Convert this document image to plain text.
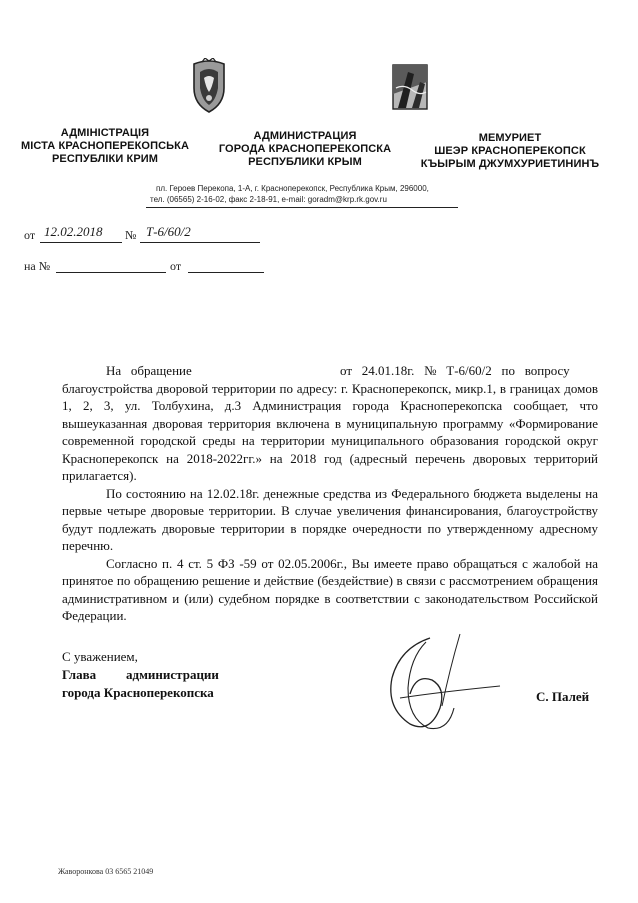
АДМІНІСТРАЦІЯ
МІСТА КРАСНОПЕРЕКОПСЬКА
РЕСПУБЛІКИ КРИМ
АДМИНИСТРАЦИЯ
ГОРОДА КРАСНОПЕРЕКОПСКА
РЕСПУБЛИКИ КРЫМ
МЕМУРИЕТ
ШЕЭР КРАСНОПЕРЕКОПСК
КЪЫРЫМ ДЖУМХУРИЕТИНИНЪ
пл. Героев Перекопа, 1-А, г. Красноперекопск, Республика Крым, 296000,
тел. (06565) 2-16-02, факс 2-18-91, e-mail: goradm@krp.rk.gov.ru
от 12.02.2018 № Т-6/60/2
на №	от
На   обращение	от   24.01.18г.   №   Т-6/60/2   по   вопросу

благоустройства дворовой территории по адресу: г. Красноперекопск, микр.1, в границах домов 1, 2, 3, ул. Толбухина, д.3 Администрация города Красноперекопска сообщает, что вышеуказанная дворовая территория включена в муниципальную программу «Формирование современной городской среды на территории муниципального образования городской округ Красноперекопск на 2018-2022гг.» на 2018 год (адресный перечень дворовых территорий прилагается).

По состоянию на 12.02.18г. денежные средства из Федерального бюджета выделены на первые четыре дворовые территории. В случае увеличения финансирования, благоустройству будут подлежать дворовые территории в порядке очередности по утвержденному адресному перечню.

Согласно п. 4 ст. 5 ФЗ -59 от 02.05.2006г., Вы имеете право обращаться с жалобой на принятое по обращению решение и действие (бездействие) в связи с рассмотрением обращения административном и (или) судебном порядке в соответствии с законодательством Российской Федерации.

С уважением,
Глава администрации
города Красноперекопска	С. Палей
Жаворонкова 03 6565 21049
